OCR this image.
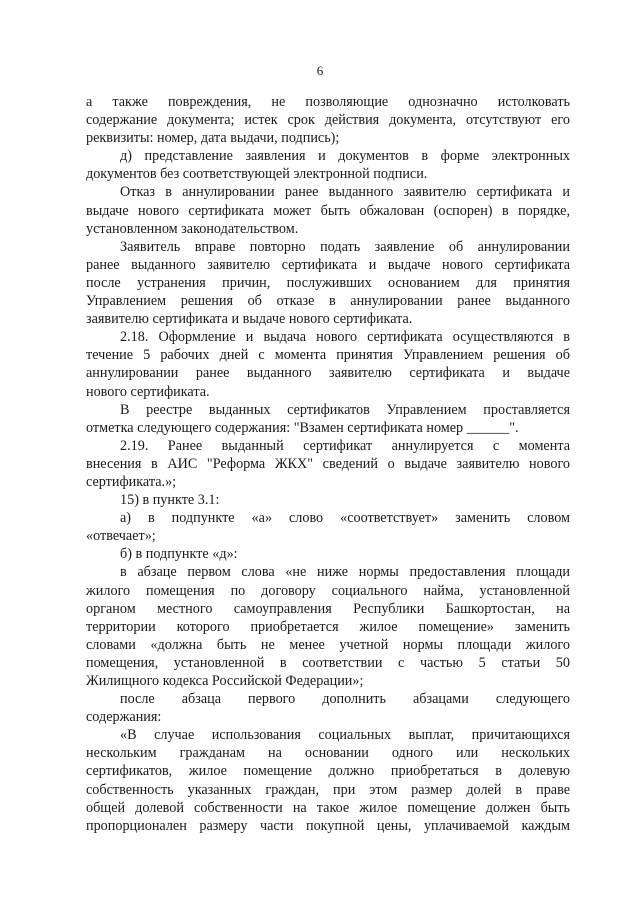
6
а также повреждения, не позволяющие однозначно истолковать
содержание документа; истек срок действия документа, отсутствуют его
реквизиты: номер, дата выдачи, подпись);
д) представление заявления и документов в форме электронных
документов без соответствующей электронной подписи.
Отказ в аннулировании ранее выданного заявителю сертификата и
выдаче нового сертификата может быть обжалован (оспорен) в порядке,
установленном законодательством.
Заявитель вправе повторно подать заявление об аннулировании
ранее выданного заявителю сертификата и выдаче нового сертификата
после устранения причин, послуживших основанием для принятия
Управлением решения об отказе в аннулировании ранее выданного
заявителю сертификата и выдаче нового сертификата.
2.18. Оформление и выдача нового сертификата осуществляются в
течение 5 рабочих дней с момента принятия Управлением решения об
аннулировании ранее выданного заявителю сертификата и выдаче
нового сертификата.
В реестре выданных сертификатов Управлением проставляется
отметка следующего содержания: "Взамен сертификата номер ______".
2.19. Ранее выданный сертификат аннулируется с момента
внесения в АИС "Реформа ЖКХ" сведений о выдаче заявителю нового
сертификата.»;
15) в пункте 3.1:
а) в подпункте «а» слово «соответствует» заменить словом
«отвечает»;
б) в подпункте «д»:
в абзаце первом слова «не ниже нормы предоставления площади
жилого помещения по договору социального найма, установленной
органом местного самоуправления Республики Башкортостан, на
территории которого приобретается жилое помещение» заменить
словами «должна быть не менее учетной нормы площади жилого
помещения, установленной в соответствии с частью 5 статьи 50
Жилищного кодекса Российской Федерации»;
после абзаца первого дополнить абзацами следующего
содержания:
«В случае использования социальных выплат, причитающихся
нескольким гражданам на основании одного или нескольких
сертификатов, жилое помещение должно приобретаться в долевую
собственность указанных граждан, при этом размер долей в праве
общей долевой собственности на такое жилое помещение должен быть
пропорционален размеру части покупной цены, уплачиваемой каждым
